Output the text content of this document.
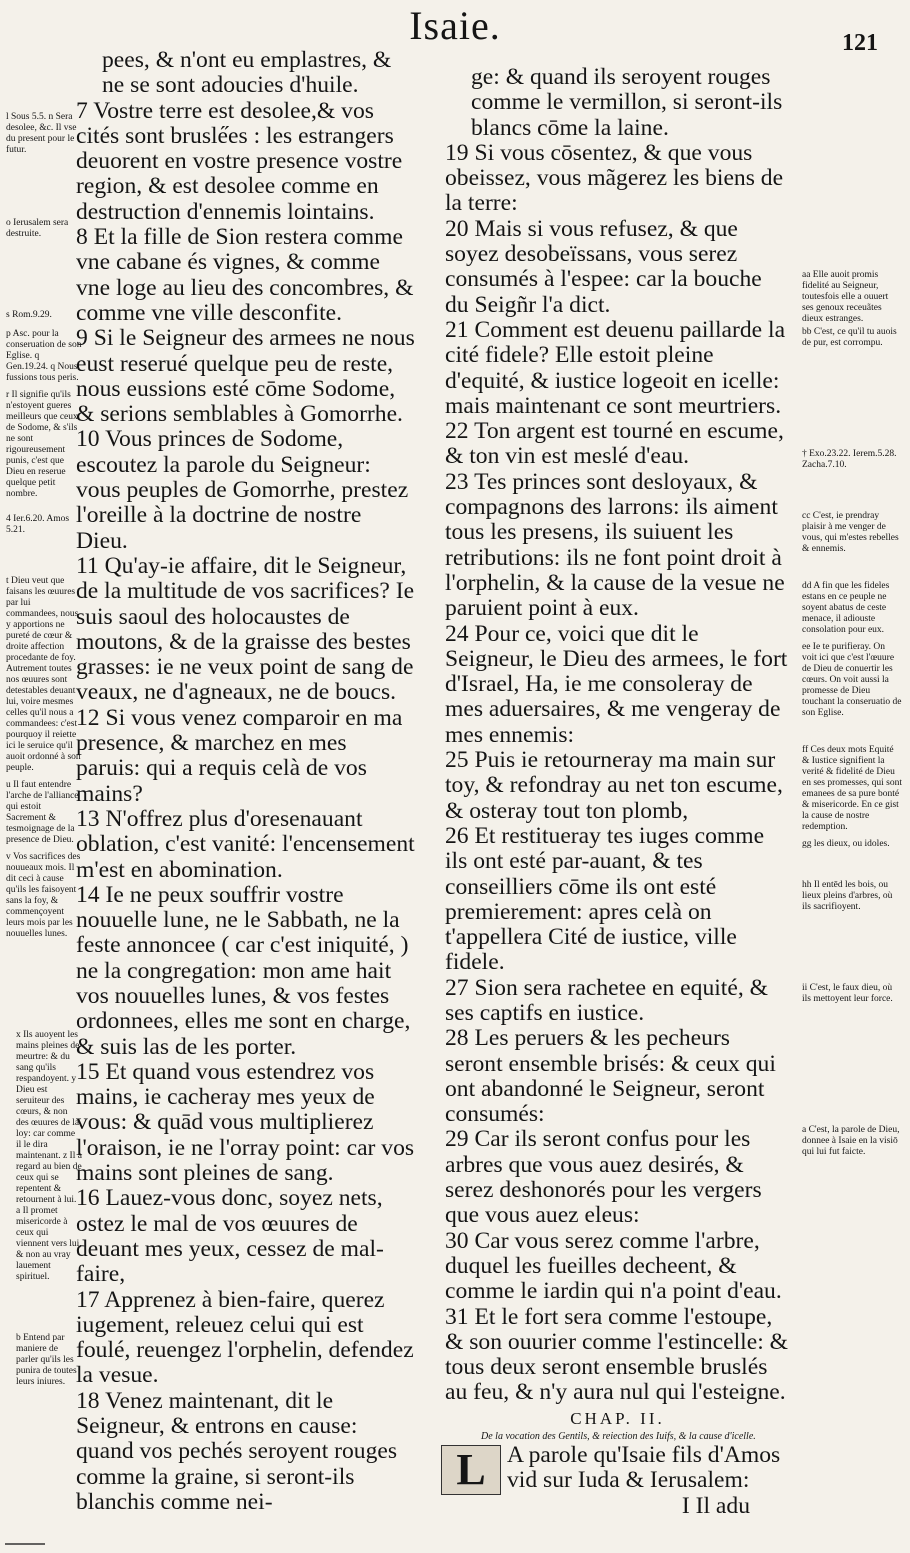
Isaie.	121

l Sous 5.5. n Sera desolee, &c. Il vse du present pour le futur.

o Ierusalem sera destruite.

s Rom.9.29.

p Asc. pour la conseruation de son Eglise. q Gen.19.24. q Nous fussions tous peris.

r Il signifie qu'ils n'estoyent gueres meilleurs que ceux de Sodome, & s'ils ne sont rigoureusement punis, c'est que Dieu en reserue quelque petit nombre.

4 Ier.6.20. Amos 5.21.

t Dieu veut que faisans les œuures par lui commandees, nous y apportions ne pureté de cœur & droite affection procedante de foy. Autrement toutes nos œuures sont detestables deuant lui, voire mesmes celles qu'il nous a commandees: c'est pourquoy il reiette ici le seruice qu'il auoit ordonné à son peuple.

u Il faut entendre l'arche de l'alliance qui estoit Sacrement & tesmoignage de la presence de Dieu.

v Vos sacrifices des nouueaux mois. Il dit ceci à cause qu'ils les faisoyent sans la foy, & commençoyent leurs mois par les nouuelles lunes.

x Ils auoyent les mains pleines de meurtre: & du sang qu'ils respandoyent. y Dieu est seruiteur des cœurs, & non des œuures de la loy: car comme il le dira maintenant. z Il a regard au bien de ceux qui se repentent & retournent à lui. a Il promet misericorde à ceux qui viennent vers lui, & non au vray lauement spirituel.

b Entend par maniere de parler qu'ils les punira de toutes leurs iniures.

pees, & n'ont eu emplastres, & ne se sont adoucies d'huile.

7 Vostre terre est desolee,& vos cités sont brusle̋es : les estrangers deuorent en vostre presence vostre region, & est desolee comme en destruction d'ennemis lointains.

8 Et la fille de Sion restera comme vne cabane és vignes, & comme vne loge au lieu des concombres, & comme vne ville desconfite.

9 Si le Seigneur des armees ne nous eust reserué quelque peu de reste, nous eussions esté cōme Sodome, & serions semblables à Gomorrhe.

10 Vous princes de Sodome, escoutez la parole du Seigneur: vous peuples de Gomorrhe, prestez l'oreille à la doctrine de nostre Dieu.

11 Qu'ay-ie affaire, dit le Seigneur, de la multitude de vos sacrifices? Ie suis saoul des holocaustes de moutons, & de la graisse des bestes grasses: ie ne veux point de sang de veaux, ne d'agneaux, ne de boucs.

12 Si vous venez comparoir en ma presence, & marchez en mes paruis: qui a requis celà de vos mains?

13 N'offrez plus d'oresenauant oblation, c'est vanité: l'encensement m'est en abomination.

14 Ie ne peux souffrir vostre nouuelle lune, ne le Sabbath, ne la feste annoncee ( car c'est iniquité, ) ne la congregation: mon ame hait vos nouuelles lunes, & vos festes ordonnees, elles me sont en charge, & suis las de les porter.

15 Et quand vous estendrez vos mains, ie cacheray mes yeux de vous: & quād vous multiplierez l'oraison, ie ne l'orray point: car vos mains sont pleines de sang.

16 Lauez-vous donc, soyez nets, ostez le mal de vos œuures de deuant mes yeux, cessez de mal-faire,

17 Apprenez à bien-faire, querez iugement, releuez celui qui est foulé, reuengez l'orphelin, defendez la vesue.

18 Venez maintenant, dit le Seigneur, & entrons en cause: quand vos pechés seroyent rouges comme la graine, si seront-ils blanchis comme nei-

ge: & quand ils seroyent rouges comme le vermillon, si seront-ils blancs cōme la laine.

19 Si vous cōsentez, & que vous obeissez, vous mãgerez les biens de la terre:

20 Mais si vous refusez, & que soyez desobeïssans, vous serez consumés à l'espee: car la bouche du Seigñr l'a dict.

21 Comment est deuenu paillarde la cité fidele? Elle estoit pleine d'equité, & iustice logeoit en icelle: mais maintenant ce sont meurtriers.

22 Ton argent est tourné en escume, & ton vin est meslé d'eau.

23 Tes princes sont desloyaux, & compagnons des larrons: ils aiment tous les presens, ils suiuent les retributions: ils ne font point droit à l'orphelin, & la cause de la vesue ne paruient point à eux.

24 Pour ce, voici que dit le Seigneur, le Dieu des armees, le fort d'Israel, Ha, ie me consoleray de mes aduersaires, & me vengeray de mes ennemis:

25 Puis ie retourneray ma main sur toy, & refondray au net ton escume, & osteray tout ton plomb,

26 Et restitueray tes iuges comme ils ont esté par-auant, & tes conseilliers cōme ils ont esté premierement: apres celà on t'appellera Cité de iustice, ville fidele.

27 Sion sera rachetee en equité, & ses captifs en iustice.

28 Les peruers & les pecheurs seront ensemble brisés: & ceux qui ont abandonné le Seigneur, seront consumés:

29 Car ils seront confus pour les arbres que vous auez desirés, & serez deshonorés pour les vergers que vous auez eleus:

30 Car vous serez comme l'arbre, duquel les fueilles decheent, & comme le iardin qui n'a point d'eau.

31 Et le fort sera comme l'estoupe, & son ouurier comme l'estincelle: & tous deux seront ensemble bruslés au feu, & n'y aura nul qui l'esteigne.

CHAP. II.

De la vocation des Gentils, & reiection des Iuifs, & la cause d'icelle.

L A parole qu'Isaie fils d'Amos vid sur Iuda & Ierusalem:

I Il adu

aa Elle auoit promis fidelité au Seigneur, toutesfois elle a ouuert ses genoux receuãtes dieux estranges.

bb C'est, ce qu'il tu auois de pur, est corrompu.

† Exo.23.22. Ierem.5.28. Zacha.7.10.

cc C'est, ie prendray plaisir à me venger de vous, qui m'estes rebelles & ennemis.

dd A fin que les fideles estans en ce peuple ne soyent abatus de ceste menace, il adiouste consolation pour eux.

ee Ie te purifieray. On voit ici que c'est l'œuure de Dieu de conuertir les cœurs. On voit aussi la promesse de Dieu touchant la conseruatio de son Eglise.

ff Ces deux mots Equité & Iustice signifient la verité & fidelité de Dieu en ses promesses, qui sont emanees de sa pure bonté & misericorde. En ce gist la cause de nostre redemption.

gg les dieux, ou idoles.

hh Il entēd les bois, ou lieux pleins d'arbres, où ils sacrifioyent.

ii C'est, le faux dieu, où ils mettoyent leur force.

a C'est, la parole de Dieu, donnee à Isaie en la visiō qui lui fut faicte.
